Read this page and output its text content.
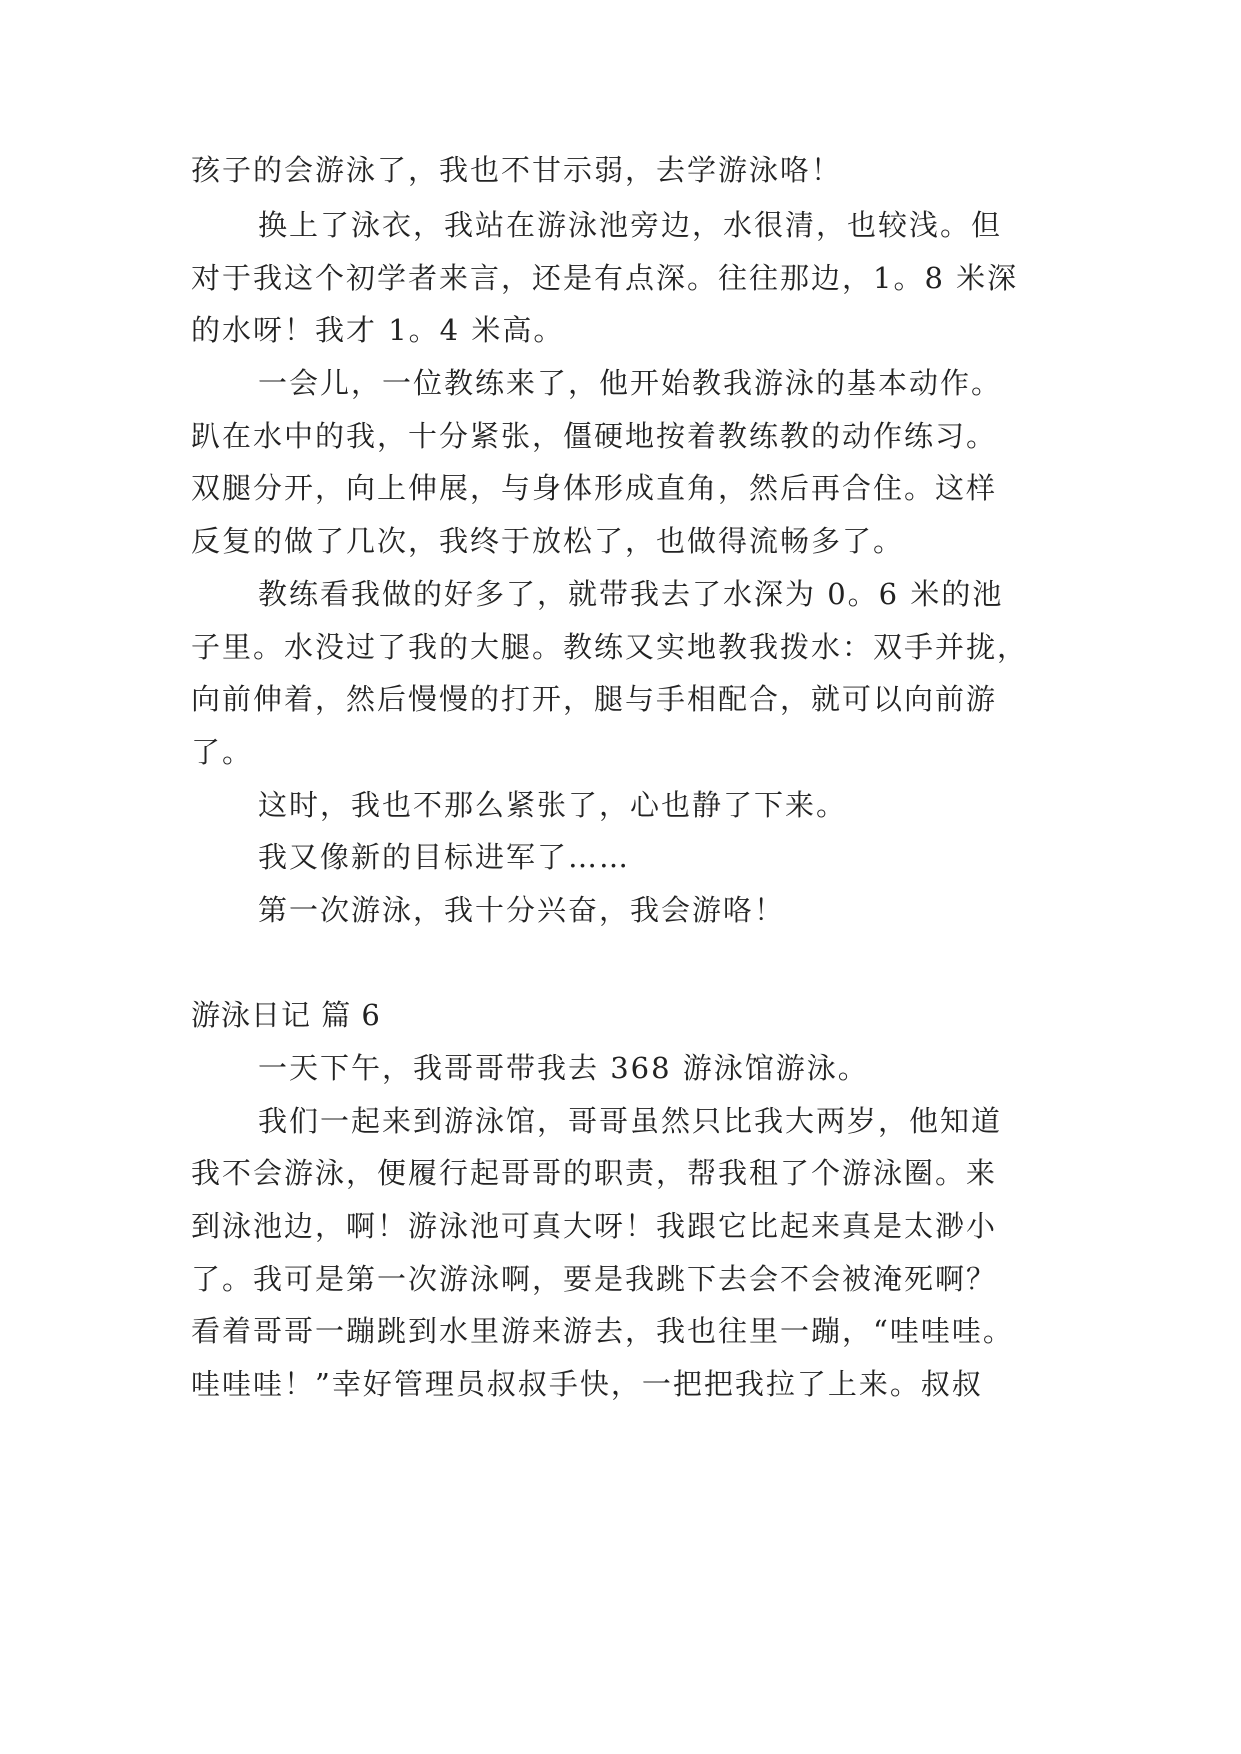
孩子的会游泳了，我也不甘示弱，去学游泳咯！
换上了泳衣，我站在游泳池旁边，水很清，也较浅。但
对于我这个初学者来言，还是有点深。往往那边，1。8 米深
的水呀！我才 1。4 米高。
一会儿，一位教练来了，他开始教我游泳的基本动作。
趴在水中的我，十分紧张，僵硬地按着教练教的动作练习。
双腿分开，向上伸展，与身体形成直角，然后再合住。这样
反复的做了几次，我终于放松了，也做得流畅多了。
教练看我做的好多了，就带我去了水深为 0。6 米的池
子里。水没过了我的大腿。教练又实地教我拨水：双手并拢，
向前伸着，然后慢慢的打开，腿与手相配合，就可以向前游
了。
这时，我也不那么紧张了，心也静了下来。
我又像新的目标进军了……
第一次游泳，我十分兴奋，我会游咯！
游泳日记 篇 6
一天下午，我哥哥带我去 368 游泳馆游泳。
我们一起来到游泳馆，哥哥虽然只比我大两岁，他知道
我不会游泳，便履行起哥哥的职责，帮我租了个游泳圈。来
到泳池边，啊！游泳池可真大呀！我跟它比起来真是太渺小
了。我可是第一次游泳啊，要是我跳下去会不会被淹死啊？
看着哥哥一蹦跳到水里游来游去，我也往里一蹦，“哇哇哇。
哇哇哇！”幸好管理员叔叔手快，一把把我拉了上来。叔叔
